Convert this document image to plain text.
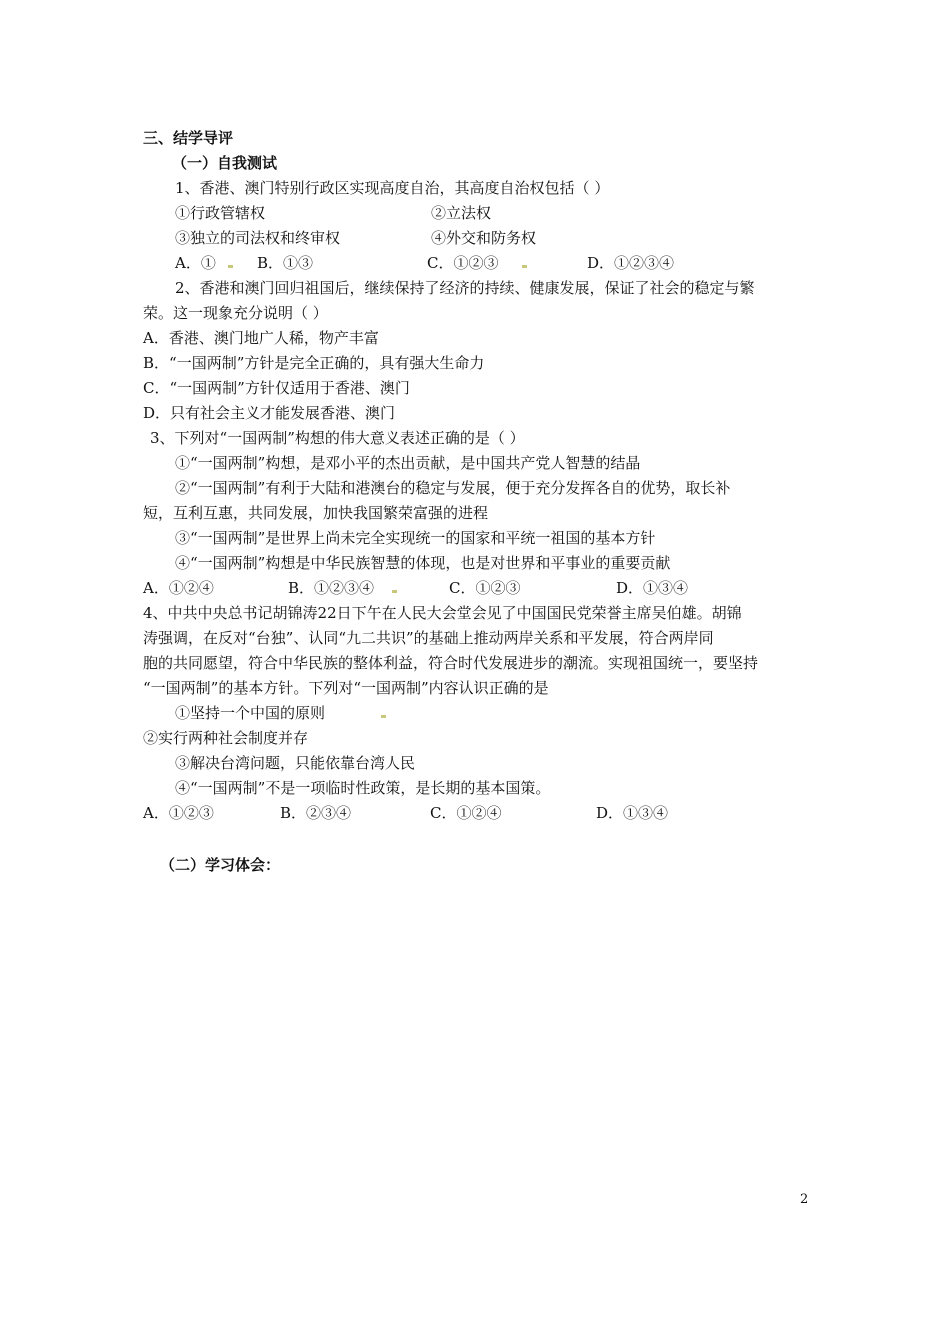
三、结学导评
（一）自我测试
1、香港、澳门特别行政区实现高度自治，其高度自治权包括（ ）
①行政管辖权	②立法权
③独立的司法权和终审权	④外交和防务权
A．①	B．①③	C．①②③	D．①②③④
2、香港和澳门回归祖国后，继续保持了经济的持续、健康发展，保证了社会的稳定与繁
荣。这一现象充分说明（ ）
A．香港、澳门地广人稀，物产丰富
B．“一国两制”方针是完全正确的，具有强大生命力
C．“一国两制”方针仅适用于香港、澳门
D．只有社会主义才能发展香港、澳门
3、下列对“一国两制”构想的伟大意义表述正确的是（ ）
①“一国两制”构想，是邓小平的杰出贡献，是中国共产党人智慧的结晶
②“一国两制”有利于大陆和港澳台的稳定与发展，便于充分发挥各自的优势，取长补
短，互利互惠，共同发展，加快我国繁荣富强的进程
③“一国两制”是世界上尚未完全实现统一的国家和平统一祖国的基本方针
④“一国两制”构想是中华民族智慧的体现，也是对世界和平事业的重要贡献
A．①②④	B．①②③④	C．①②③	D．①③④
4、中共中央总书记胡锦涛22日下午在人民大会堂会见了中国国民党荣誉主席吴伯雄。胡锦
涛强调，在反对“台独”、认同“九二共识”的基础上推动两岸关系和平发展，符合两岸同
胞的共同愿望，符合中华民族的整体利益，符合时代发展进步的潮流。实现祖国统一，要坚持
“一国两制”的基本方针。下列对“一国两制”内容认识正确的是
①坚持一个中国的原则
②实行两种社会制度并存
③解决台湾问题，只能依靠台湾人民
④“一国两制”不是一项临时性政策，是长期的基本国策。
A．①②③	B．②③④	C．①②④	D．①③④
（二）学习体会：
2
